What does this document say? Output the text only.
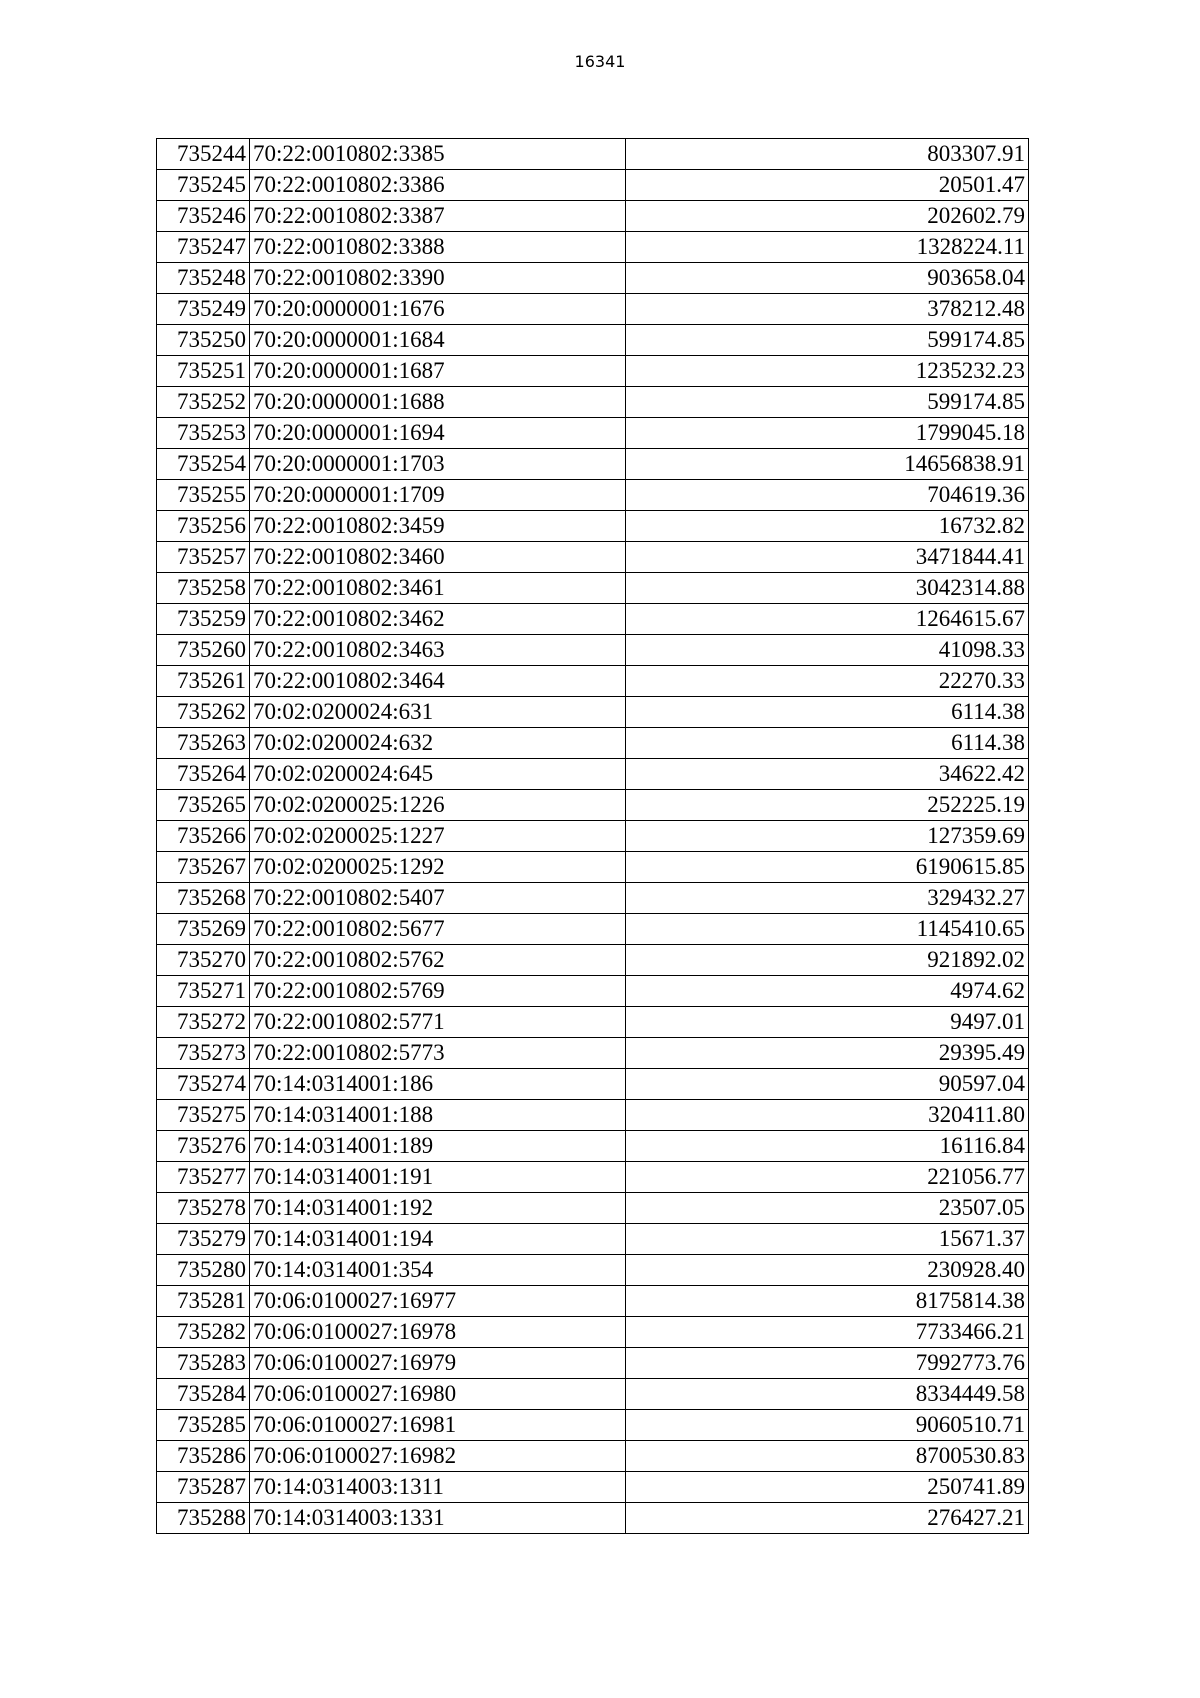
16341
735244	70:22:0010802:3385	803307.91
735245	70:22:0010802:3386	20501.47
735246	70:22:0010802:3387	202602.79
735247	70:22:0010802:3388	1328224.11
735248	70:22:0010802:3390	903658.04
735249	70:20:0000001:1676	378212.48
735250	70:20:0000001:1684	599174.85
735251	70:20:0000001:1687	1235232.23
735252	70:20:0000001:1688	599174.85
735253	70:20:0000001:1694	1799045.18
735254	70:20:0000001:1703	14656838.91
735255	70:20:0000001:1709	704619.36
735256	70:22:0010802:3459	16732.82
735257	70:22:0010802:3460	3471844.41
735258	70:22:0010802:3461	3042314.88
735259	70:22:0010802:3462	1264615.67
735260	70:22:0010802:3463	41098.33
735261	70:22:0010802:3464	22270.33
735262	70:02:0200024:631	6114.38
735263	70:02:0200024:632	6114.38
735264	70:02:0200024:645	34622.42
735265	70:02:0200025:1226	252225.19
735266	70:02:0200025:1227	127359.69
735267	70:02:0200025:1292	6190615.85
735268	70:22:0010802:5407	329432.27
735269	70:22:0010802:5677	1145410.65
735270	70:22:0010802:5762	921892.02
735271	70:22:0010802:5769	4974.62
735272	70:22:0010802:5771	9497.01
735273	70:22:0010802:5773	29395.49
735274	70:14:0314001:186	90597.04
735275	70:14:0314001:188	320411.80
735276	70:14:0314001:189	16116.84
735277	70:14:0314001:191	221056.77
735278	70:14:0314001:192	23507.05
735279	70:14:0314001:194	15671.37
735280	70:14:0314001:354	230928.40
735281	70:06:0100027:16977	8175814.38
735282	70:06:0100027:16978	7733466.21
735283	70:06:0100027:16979	7992773.76
735284	70:06:0100027:16980	8334449.58
735285	70:06:0100027:16981	9060510.71
735286	70:06:0100027:16982	8700530.83
735287	70:14:0314003:1311	250741.89
735288	70:14:0314003:1331	276427.21
